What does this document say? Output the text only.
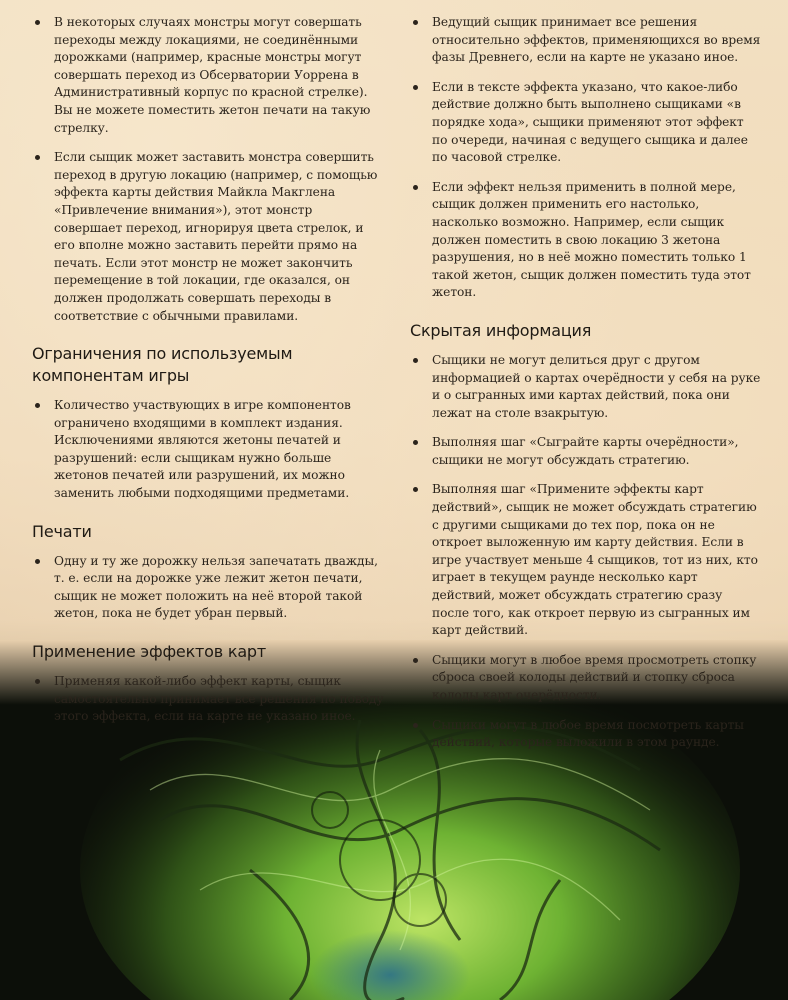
В некоторых случаях монстры могут совершать переходы между локациями, не соединёнными дорожками (например, красные монстры могут совершать переход из Обсерватории Уоррена в Административный корпус по красной стрелке). Вы не можете поместить жетон печати на такую стрелку.
Если сыщик может заставить монстра совершить переход в другую локацию (например, с помощью эффекта карты действия Майкла Макглена «Привлечение внимания»), этот монстр совершает переход, игнорируя цвета стрелок, и его вполне можно заставить перейти прямо на печать. Если этот монстр не может закончить перемещение в той локации, где оказался, он должен продолжать совершать переходы в соответствие с обычными правилами.
Ограничения по используемым компонентам игры
Количество участвующих в игре компонентов ограничено входящими в комплект издания. Исключениями являются жетоны печатей и разрушений: если сыщикам нужно больше жетонов печатей или разрушений, их можно заменить любыми подходящими предметами.
Печати
Одну и ту же дорожку нельзя запечатать дважды, т. е. если на дорожке уже лежит жетон печати, сыщик не может положить на неё второй такой жетон, пока не будет убран первый.
Применение эффектов карт
Применяя какой-либо эффект карты, сыщик самостоятельно принимает все решения по поводу этого эффекта, если на карте не указано иное.
Ведущий сыщик принимает все решения относительно эффектов, применяющихся во время фазы Древнего, если на карте не указано иное.
Если в тексте эффекта указано, что какое-либо действие должно быть выполнено сыщиками «в порядке хода», сыщики применяют этот эффект по очереди, начиная с ведущего сыщика и далее по часовой стрелке.
Если эффект нельзя применить в полной мере, сыщик должен применить его настолько, насколько возможно. Например, если сыщик должен поместить в свою локацию 3 жетона разрушения, но в неё можно поместить только 1 такой жетон, сыщик должен поместить туда этот жетон.
Скрытая информация
Сыщики не могут делиться друг с другом информацией о картах очерёдности у себя на руке и о сыгранных ими картах действий, пока они лежат на столе взакрытую.
Выполняя шаг «Сыграйте карты очерёдности», сыщики не могут обсуждать стратегию.
Выполняя шаг «Примените эффекты карт действий», сыщик не может обсуждать стратегию с другими сыщиками до тех пор, пока он не откроет выложенную им карту действия. Если в игре участвует меньше 4 сыщиков, тот из них, кто играет в текущем раунде несколько карт действий, может обсуждать стратегию сразу после того, как откроет первую из сыгранных им карт действий.
Сыщики могут в любое время просмотреть стопку сброса своей колоды действий и стопку сброса колоды карт очерёдности.
Сыщики могут в любое время посмотреть карты действий, которые выложили в этом раунде.
